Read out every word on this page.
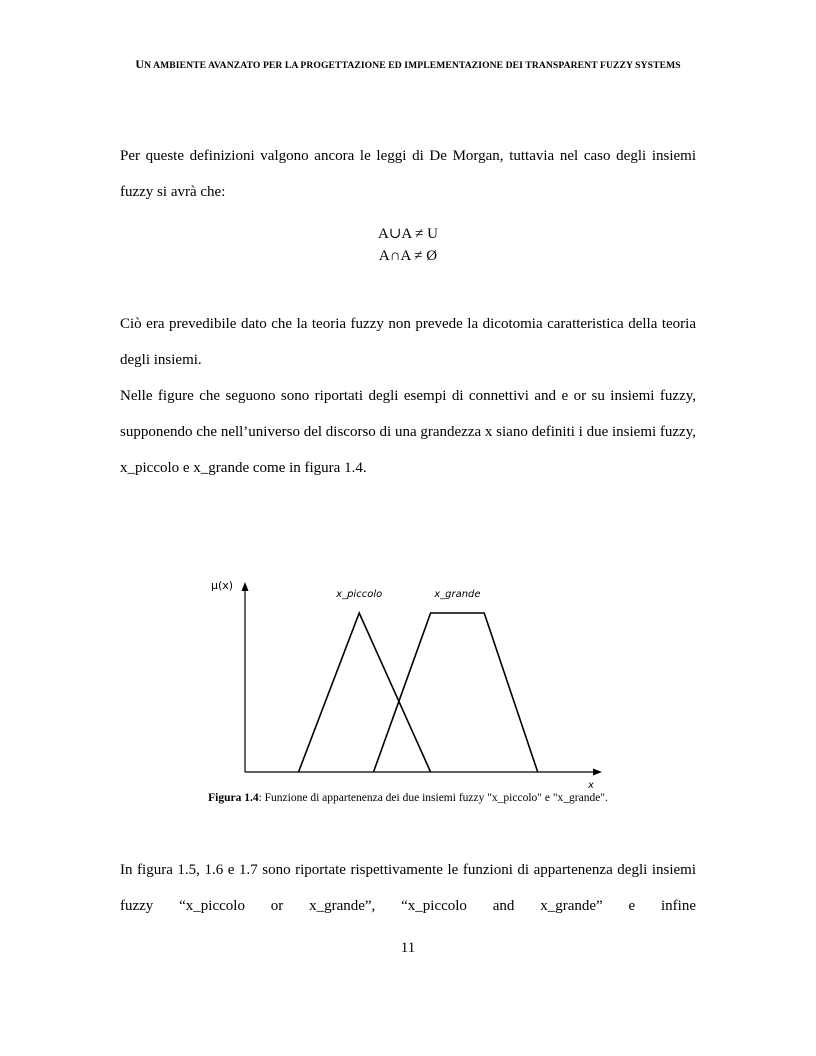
UN AMBIENTE AVANZATO PER LA PROGETTAZIONE ED IMPLEMENTAZIONE DEI TRANSPARENT FUZZY SYSTEMS

Per queste definizioni valgono ancora le leggi di De Morgan, tuttavia nel caso degli insiemi fuzzy si avrà che:

A∪A ≠ U
A∩A ≠ Ø

Ciò era prevedibile dato che la teoria fuzzy non prevede la dicotomia caratteristica della teoria degli insiemi.

Nelle figure che seguono sono riportati degli esempi di connettivi and e or su insiemi fuzzy, supponendo che nell’universo del discorso di una grandezza x siano definiti i due insiemi fuzzy, x_piccolo e x_grande come in figura 1.4.

µ(x)
x
x_piccolo	x_grande
Figura 1.4: Funzione di appartenenza dei due insiemi fuzzy "x_piccolo" e "x_grande".

In figura 1.5, 1.6 e 1.7 sono riportate rispettivamente le funzioni di appartenenza degli insiemi fuzzy “x_piccolo or x_grande”, “x_piccolo and x_grande” e infine

11
